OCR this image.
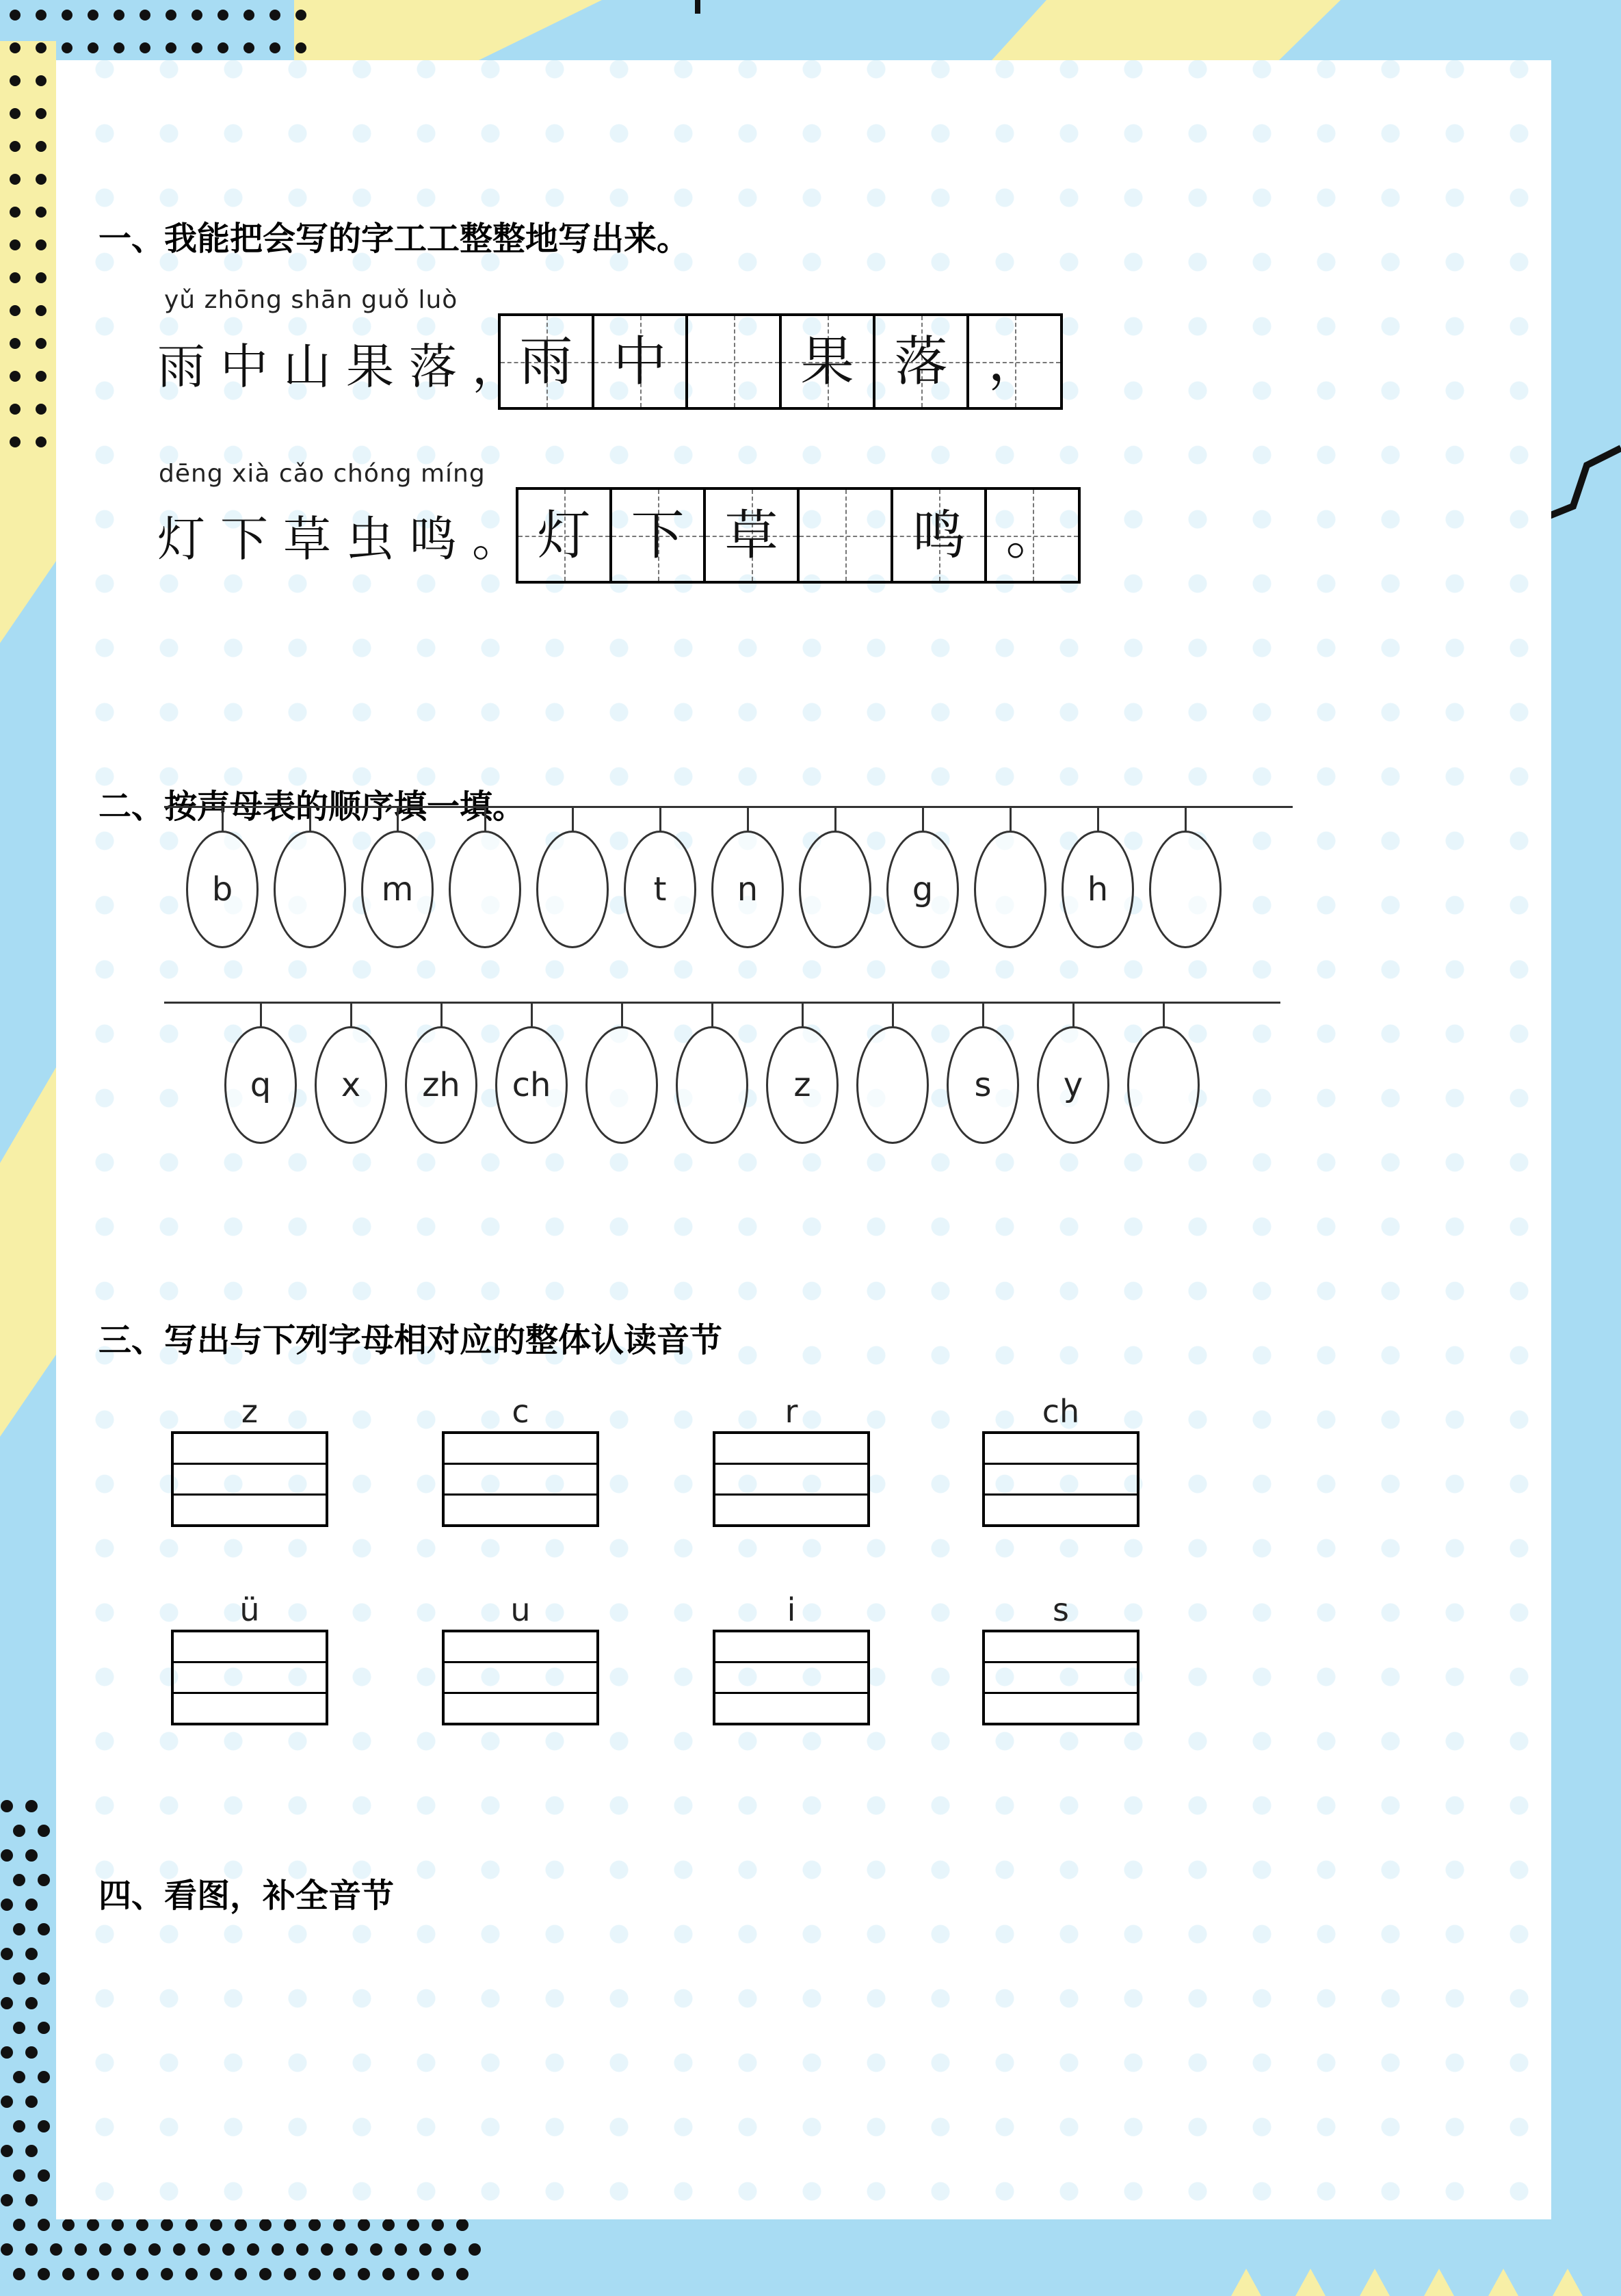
一、我能把会写的字工工整整地写出来。
yǔ zhōng shān guǒ luò
雨中山果落，
雨 中	果 落 ，
dēng xià cǎo chóng míng
灯下草虫鸣。 灯 下 草	鸣 。
二、按声母表的顺序填一填。
b	m	t	n	g	h
q	x	zh	ch	z	s	y
三、写出与下列字母相对应的整体认读音节
z	c	r	ch
ü	u	i	s
四、看图，补全音节
